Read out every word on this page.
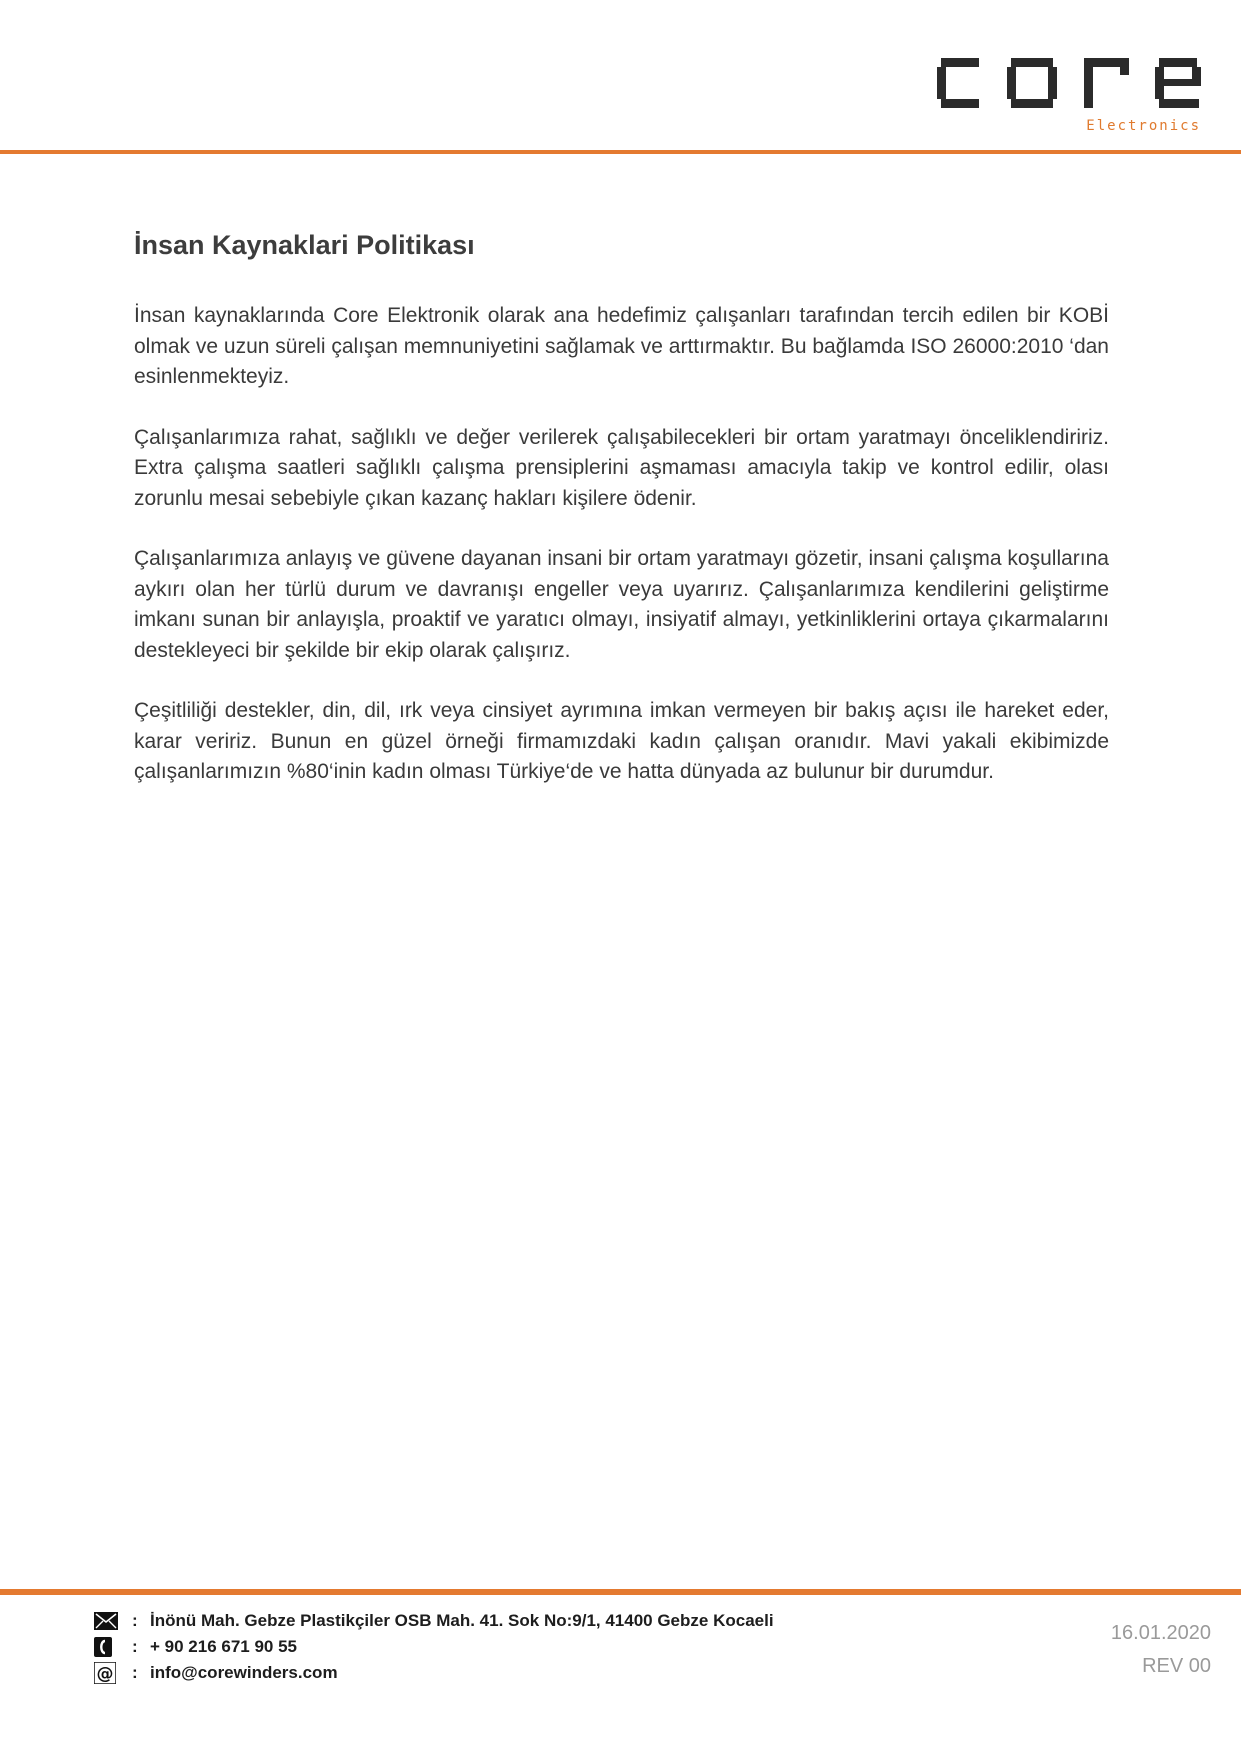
Electronics
İnsan Kaynaklari Politikası

İnsan kaynaklarında Core Elektronik olarak ana hedefimiz çalışanları tarafından tercih edilen bir KOBİ olmak ve uzun süreli çalışan memnuniyetini sağlamak ve arttırmaktır. Bu bağlamda ISO 26000:2010 ‘dan esinlenmekteyiz.

Çalışanlarımıza rahat, sağlıklı ve değer verilerek çalışabilecekleri bir ortam yaratmayı önceliklendiririz. Extra çalışma saatleri sağlıklı çalışma prensiplerini aşmaması amacıyla takip ve kontrol edilir, olası zorunlu mesai sebebiyle çıkan kazanç hakları kişilere ödenir.

Çalışanlarımıza anlayış ve güvene dayanan insani bir ortam yaratmayı gözetir, insani çalışma koşullarına aykırı olan her türlü durum ve davranışı engeller veya uyarırız. Çalışanlarımıza kendilerini geliştirme imkanı sunan bir anlayışla, proaktif ve yaratıcı olmayı, insiyatif almayı, yetkinliklerini ortaya çıkarmalarını destekleyeci bir şekilde bir ekip olarak çalışırız.

Çeşitliliği destekler, din, dil, ırk veya cinsiyet ayrımına imkan vermeyen bir bakış açısı ile hareket eder, karar veririz. Bunun en güzel örneği firmamızdaki kadın çalışan oranıdır. Mavi yakali ekibimizde çalışanlarımızın %80‘inin kadın olması Türkiye‘de ve hatta dünyada az bulunur bir durumdur.

: İnönü Mah. Gebze Plastikçiler OSB Mah. 41. Sok No:9/1, 41400 Gebze Kocaeli
: + 90 216 671 90 55
@ : info@corewinders.com
16.01.2020
REV 00
